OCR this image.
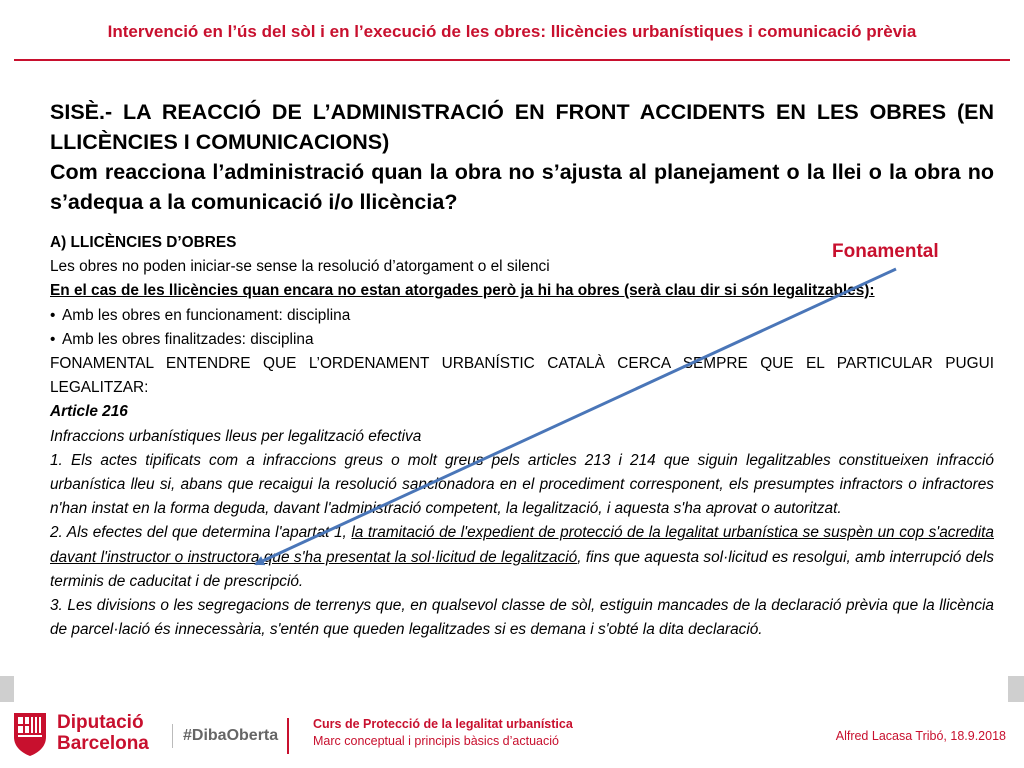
Intervenció en l’ús del sòl i en l’execució de les obres: llicències urbanístiques i comunicació prèvia

SISÈ.- LA REACCIÓ DE L’ADMINISTRACIÓ EN FRONT ACCIDENTS EN LES OBRES (EN LLICÈNCIES I COMUNICACIONS)

Com reacciona l’administració quan la obra no s’ajusta al planejament o la llei o la obra no s’adequa a la comunicació i/o llicència?

A) LLICÈNCIES D’OBRES

Les obres no poden iniciar-se sense la resolució d’atorgament o el silenci

En el cas de les llicències quan encara no estan atorgades però ja hi ha obres (serà clau dir si són legalitzables):

• Amb les obres en funcionament: disciplina
• Amb les obres finalitzades: disciplina

FONAMENTAL ENTENDRE QUE L’ORDENAMENT URBANÍSTIC CATALÀ CERCA SEMPRE QUE EL PARTICULAR PUGUI LEGALITZAR:

Article 216

Infraccions urbanístiques lleus per legalització efectiva

1. Els actes tipificats com a infraccions greus o molt greus pels articles 213 i 214 que siguin legalitzables constitueixen infracció urbanística lleu si, abans que recaigui la resolució sancionadora en el procediment corresponent, els presumptes infractors o infractores n'han instat en la forma deguda, davant l'administració competent, la legalització, i aquesta s'ha aprovat o autoritzat.

2. Als efectes del que determina l'apartat 1, la tramitació de l'expedient de protecció de la legalitat urbanística se suspèn un cop s'acredita davant l'instructor o instructora que s'ha presentat la sol·licitud de legalització, fins que aquesta sol·licitud es resolgui, amb interrupció dels terminis de caducitat i de prescripció.

3. Les divisions o les segregacions de terrenys que, en qualsevol classe de sòl, estiguin mancades de la declaració prèvia que la llicència de parcel·lació és innecessària, s'entén que queden legalitzades si es demana i s'obté la dita declaració.

Fonamental
Diputació
Barcelona	#DibaOberta
Curs de Protecció de la legalitat urbanística
Marc conceptual i principis bàsics d’actuació	Alfred Lacasa Tribó, 18.9.2018
